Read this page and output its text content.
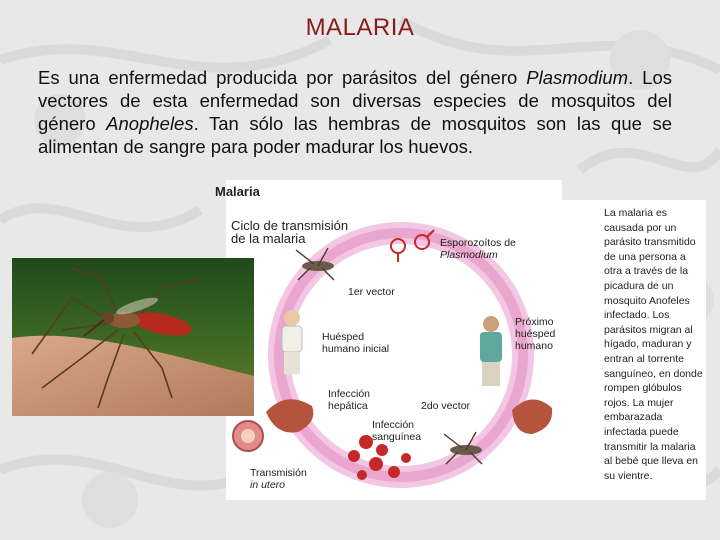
MALARIA

Es una enfermedad producida por parásitos del género Plasmodium. Los vectores de esta enfermedad son diversas especies de mosquitos del género Anopheles. Tan sólo las hembras de mosquitos son las que se alimentan de sangre para poder madurar los huevos.

Malaria
Ciclo de transmisión
de la malaria	Esporozoítos de
Plasmodium
1er vector
Huésped
humano inicial
Próximo
huésped
humano
Infección
hepática	2do vector
Infección
sanguínea
Transmisión
in utero
La malaria es causada por un parásito transmitido de una persona a otra a través de la picadura de un mosquito Anofeles infectado. Los parásitos migran al hígado, maduran y entran al torrente sanguíneo, en donde rompen glóbulos rojos. La mujer embarazada infectada puede transmitir la malaria al bebé que lleva en su vientre.
